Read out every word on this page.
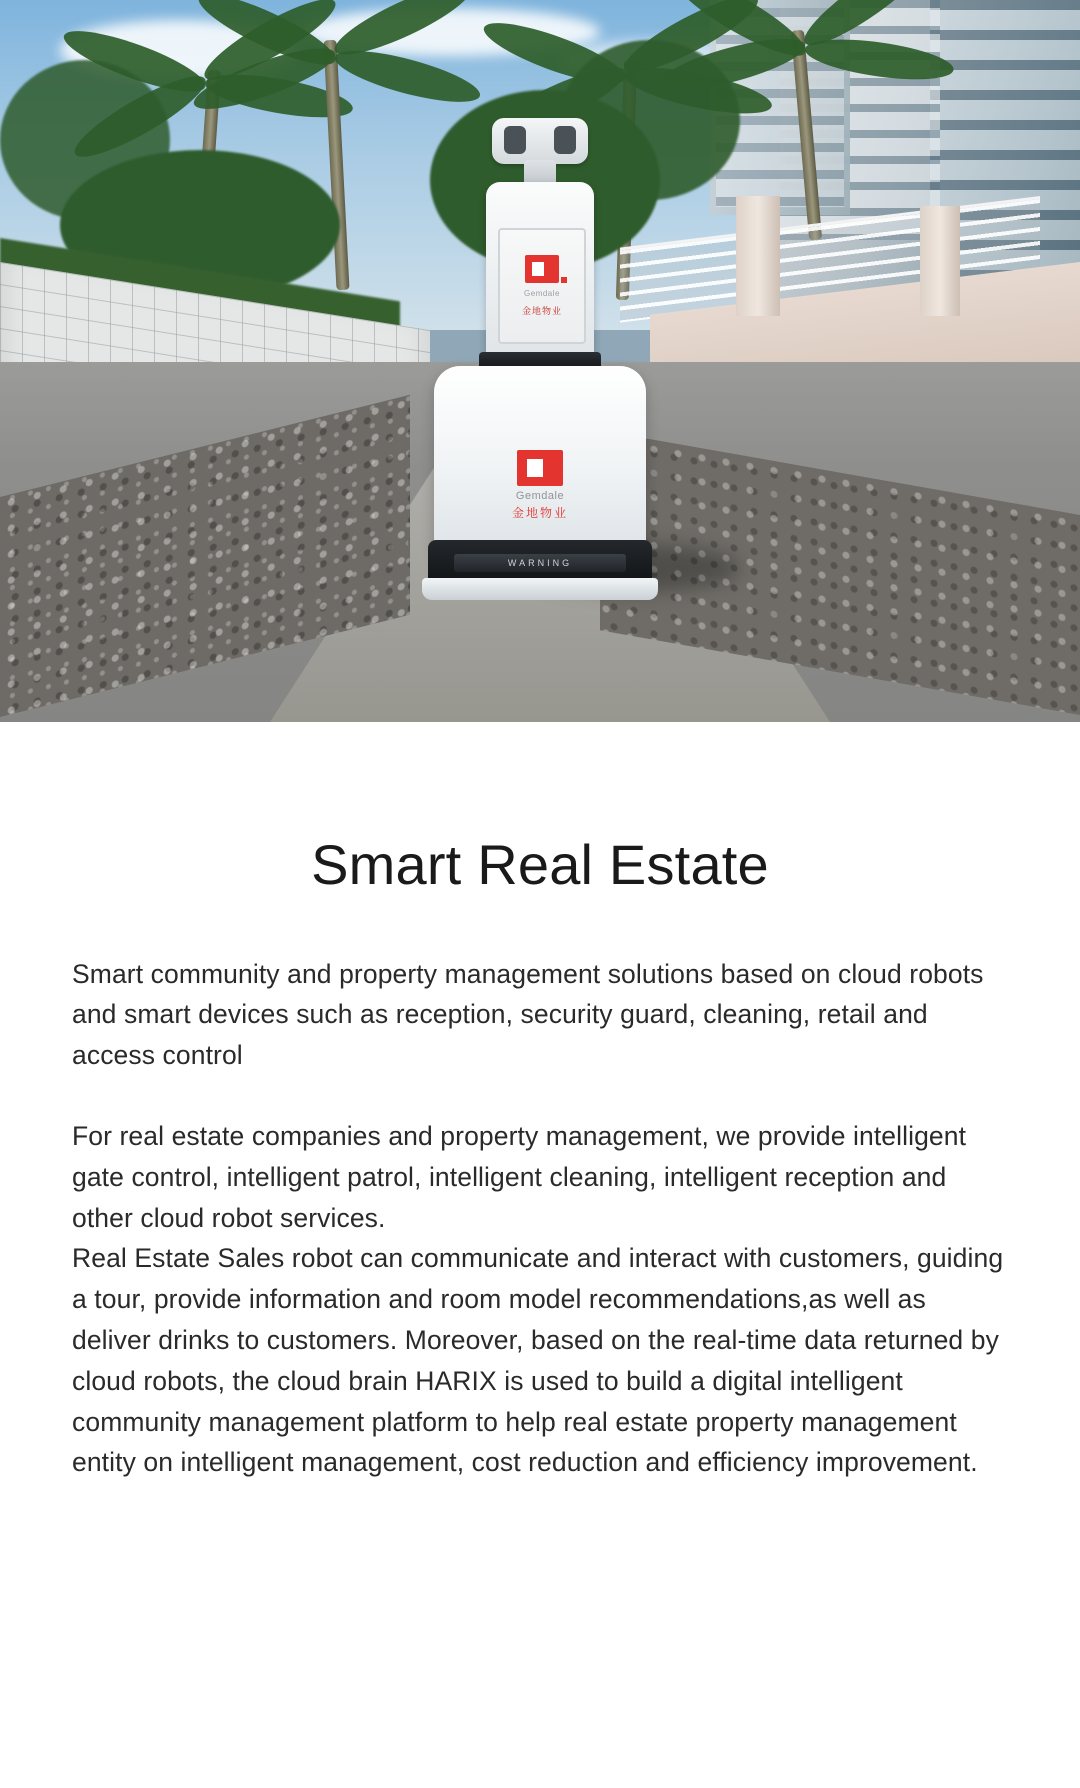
Gemdale
金地物业
Gemdale
金地物业
WARNING
Smart Real Estate

Smart community and property management solutions based on cloud robots and smart devices such as reception, security guard, cleaning, retail and access control

For real estate companies and property management, we provide intelligent gate control, intelligent patrol, intelligent cleaning, intelligent reception and other cloud robot services.

Real Estate Sales robot can communicate and interact with customers, guiding a tour, provide information and room model recommendations,as well as deliver drinks to customers. Moreover, based on the real-time data returned by cloud robots, the cloud brain HARIX is used to build a digital intelligent community management platform to help real estate property management entity on intelligent management, cost reduction and efficiency improvement.
